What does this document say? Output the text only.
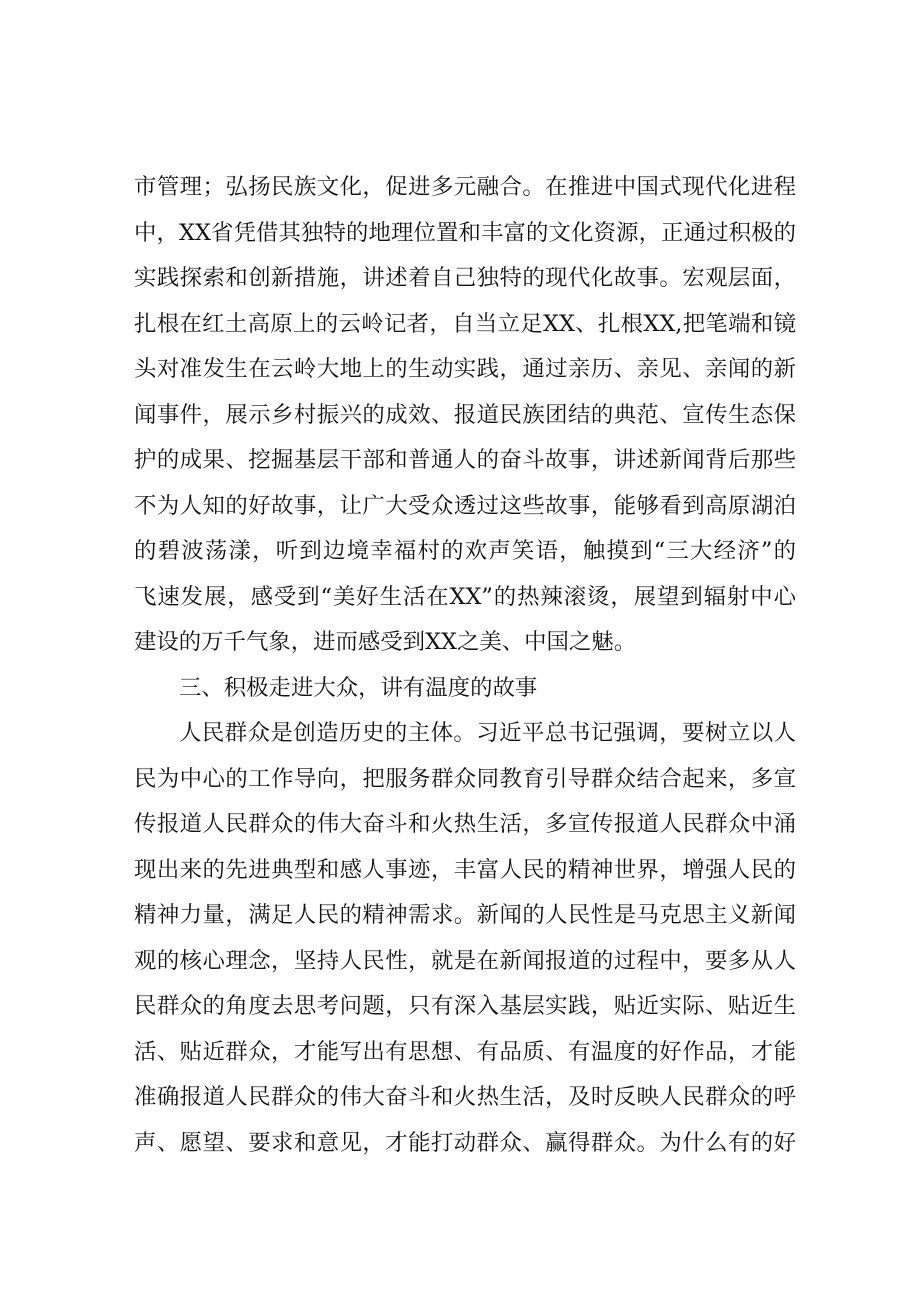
市管理；弘扬民族文化，促进多元融合。在推进中国式现代化进程
中，XX省凭借其独特的地理位置和丰富的文化资源，正通过积极的
实践探索和创新措施，讲述着自己独特的现代化故事。宏观层面，
扎根在红土高原上的云岭记者，自当立足XX、扎根XX,把笔端和镜
头对准发生在云岭大地上的生动实践，通过亲历、亲见、亲闻的新
闻事件，展示乡村振兴的成效、报道民族团结的典范、宣传生态保
护的成果、挖掘基层干部和普通人的奋斗故事，讲述新闻背后那些
不为人知的好故事，让广大受众透过这些故事，能够看到高原湖泊
的碧波荡漾，听到边境幸福村的欢声笑语，触摸到“三大经济”的
飞速发展，感受到“美好生活在XX”的热辣滚烫，展望到辐射中心
建设的万千气象，进而感受到XX之美、中国之魅。
三、积极走进大众，讲有温度的故事
人民群众是创造历史的主体。习近平总书记强调，要树立以人
民为中心的工作导向，把服务群众同教育引导群众结合起来，多宣
传报道人民群众的伟大奋斗和火热生活，多宣传报道人民群众中涌
现出来的先进典型和感人事迹，丰富人民的精神世界，增强人民的
精神力量，满足人民的精神需求。新闻的人民性是马克思主义新闻
观的核心理念，坚持人民性，就是在新闻报道的过程中，要多从人
民群众的角度去思考问题，只有深入基层实践，贴近实际、贴近生
活、贴近群众，才能写出有思想、有品质、有温度的好作品，才能
准确报道人民群众的伟大奋斗和火热生活，及时反映人民群众的呼
声、愿望、要求和意见，才能打动群众、赢得群众。为什么有的好
